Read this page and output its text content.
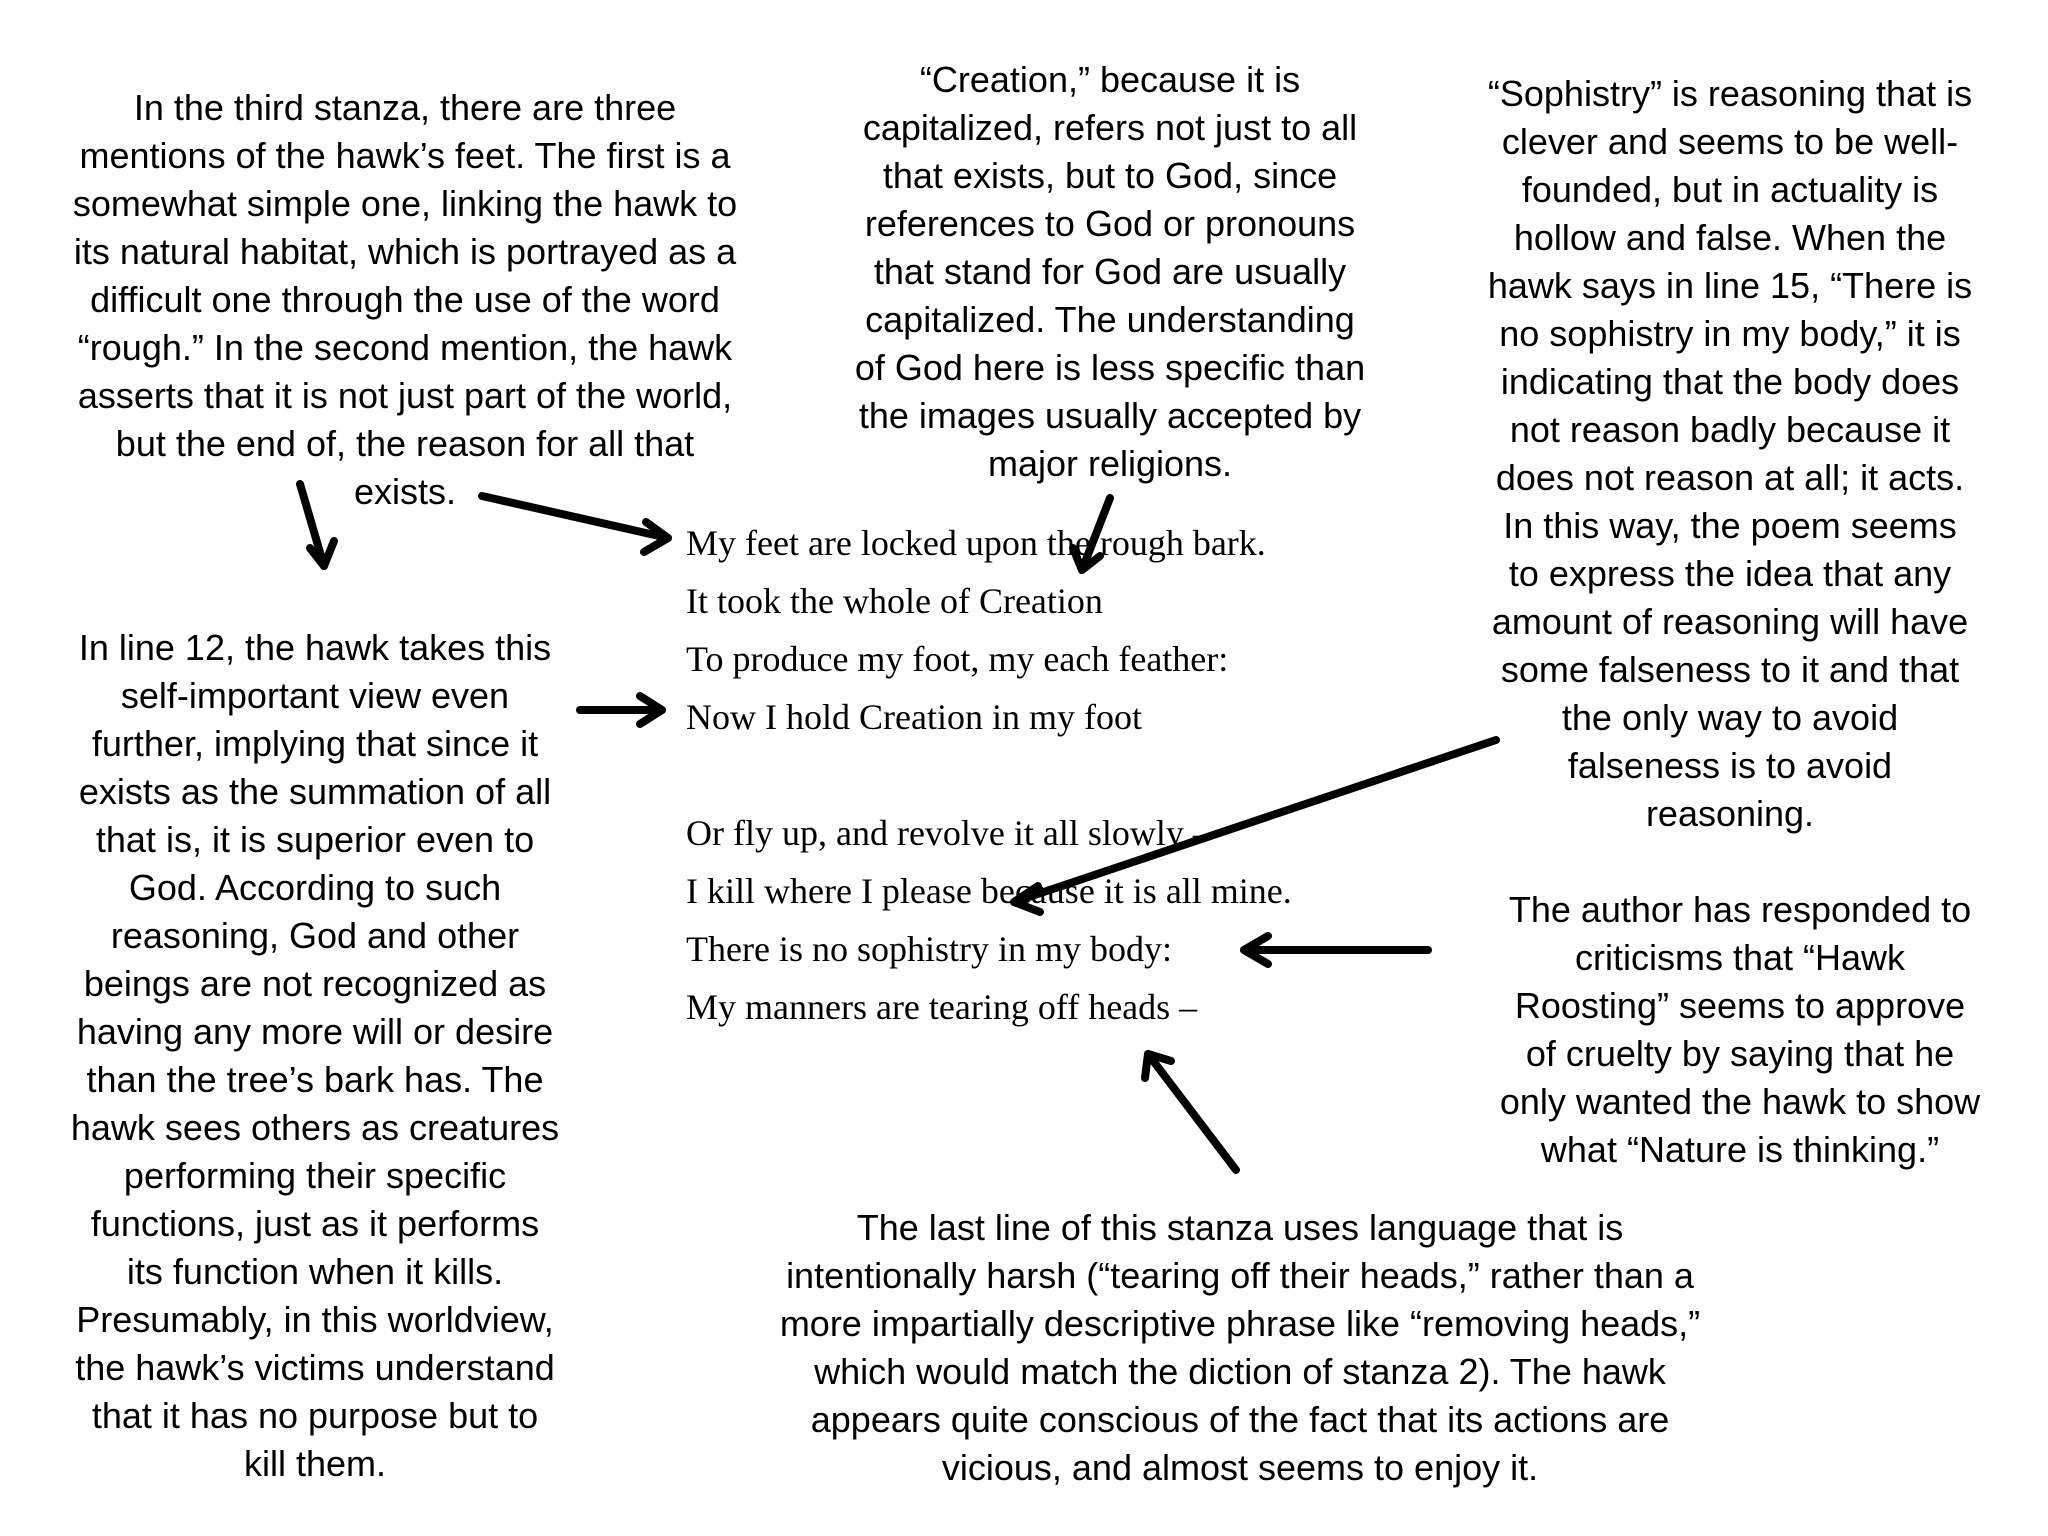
In the third stanza, there are three
mentions of the hawk’s feet. The first is a
somewhat simple one, linking the hawk to
its natural habitat, which is portrayed as a
difficult one through the use of the word
“rough.” In the second mention, the hawk
asserts that it is not just part of the world,
but the end of, the reason for all that
exists.
“Creation,” because it is
capitalized, refers not just to all
that exists, but to God, since
references to God or pronouns
that stand for God are usually
capitalized. The understanding
of God here is less specific than
the images usually accepted by
major religions.
“Sophistry” is reasoning that is
clever and seems to be well-
founded, but in actuality is
hollow and false. When the
hawk says in line 15, “There is
no sophistry in my body,” it is
indicating that the body does
not reason badly because it
does not reason at all; it acts.
In this way, the poem seems
to express the idea that any
amount of reasoning will have
some falseness to it and that
the only way to avoid
falseness is to avoid
reasoning.
In line 12, the hawk takes this
self-important view even
further, implying that since it
exists as the summation of all
that is, it is superior even to
God. According to such
reasoning, God and other
beings are not recognized as
having any more will or desire
than the tree’s bark has. The
hawk sees others as creatures
performing their specific
functions, just as it performs
its function when it kills.
Presumably, in this worldview,
the hawk’s victims understand
that it has no purpose but to
kill them.
The author has responded to
criticisms that “Hawk
Roosting” seems to approve
of cruelty by saying that he
only wanted the hawk to show
what “Nature is thinking.”
The last line of this stanza uses language that is
intentionally harsh (“tearing off their heads,” rather than a
more impartially descriptive phrase like “removing heads,”
which would match the diction of stanza 2). The hawk
appears quite conscious of the fact that its actions are
vicious, and almost seems to enjoy it.
My feet are locked upon the rough bark.
It took the whole of Creation
To produce my foot, my each feather:
Now I hold Creation in my foot
Or fly up, and revolve it all slowly –
I kill where I please because it is all mine.
There is no sophistry in my body:
My manners are tearing off heads –
